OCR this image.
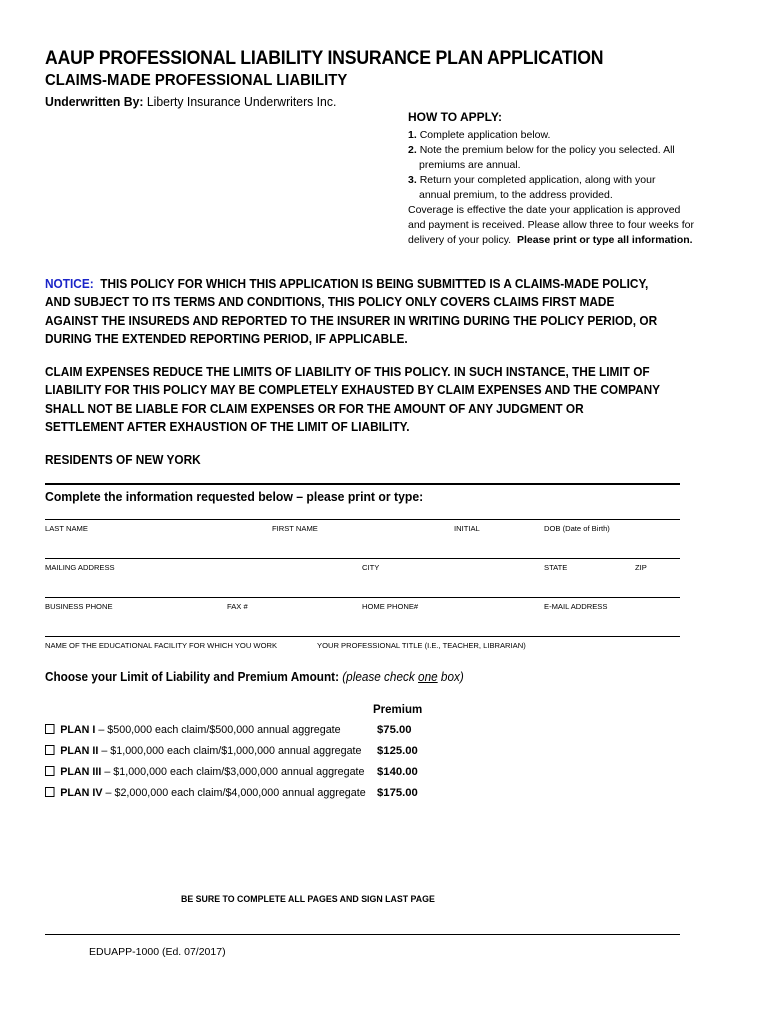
AAUP PROFESSIONAL LIABILITY INSURANCE PLAN APPLICATION
CLAIMS-MADE PROFESSIONAL LIABILITY
Underwritten By: Liberty Insurance Underwriters Inc.
HOW TO APPLY:
1. Complete application below.
2. Note the premium below for the policy you selected. All
premiums are annual.
3. Return your completed application, along with your
annual premium, to the address provided.
Coverage is effective the date your application is approved and payment is received. Please allow three to four weeks for delivery of your policy. Please print or type all information.
NOTICE: THIS POLICY FOR WHICH THIS APPLICATION IS BEING SUBMITTED IS A CLAIMS-MADE POLICY, AND SUBJECT TO ITS TERMS AND CONDITIONS, THIS POLICY ONLY COVERS CLAIMS FIRST MADE AGAINST THE INSUREDS AND REPORTED TO THE INSURER IN WRITING DURING THE POLICY PERIOD, OR DURING THE EXTENDED REPORTING PERIOD, IF APPLICABLE.
CLAIM EXPENSES REDUCE THE LIMITS OF LIABILITY OF THIS POLICY. IN SUCH INSTANCE, THE LIMIT OF LIABILITY FOR THIS POLICY MAY BE COMPLETELY EXHAUSTED BY CLAIM EXPENSES AND THE COMPANY SHALL NOT BE LIABLE FOR CLAIM EXPENSES OR FOR THE AMOUNT OF ANY JUDGMENT OR SETTLEMENT AFTER EXHAUSTION OF THE LIMIT OF LIABILITY.
RESIDENTS OF NEW YORK
Complete the information requested below – please print or type:
LAST NAME	FIRST NAME	INITIAL	DOB (Date of Birth)
MAILING ADDRESS	CITY	STATE	ZIP
BUSINESS PHONE	FAX #	HOME PHONE#	E-MAIL ADDRESS
NAME OF THE EDUCATIONAL FACILITY FOR WHICH YOU WORK	YOUR PROFESSIONAL TITLE (I.E., TEACHER, LIBRARIAN)
Choose your Limit of Liability and Premium Amount: (please check one box)
Premium
PLAN I – $500,000 each claim/$500,000 annual aggregate	$75.00
PLAN II – $1,000,000 each claim/$1,000,000 annual aggregate $125.00
PLAN III – $1,000,000 each claim/$3,000,000 annual aggregate $140.00
PLAN IV – $2,000,000 each claim/$4,000,000 annual aggregate $175.00
BE SURE TO COMPLETE ALL PAGES AND SIGN LAST PAGE
EDUAPP-1000 (Ed. 07/2017)
